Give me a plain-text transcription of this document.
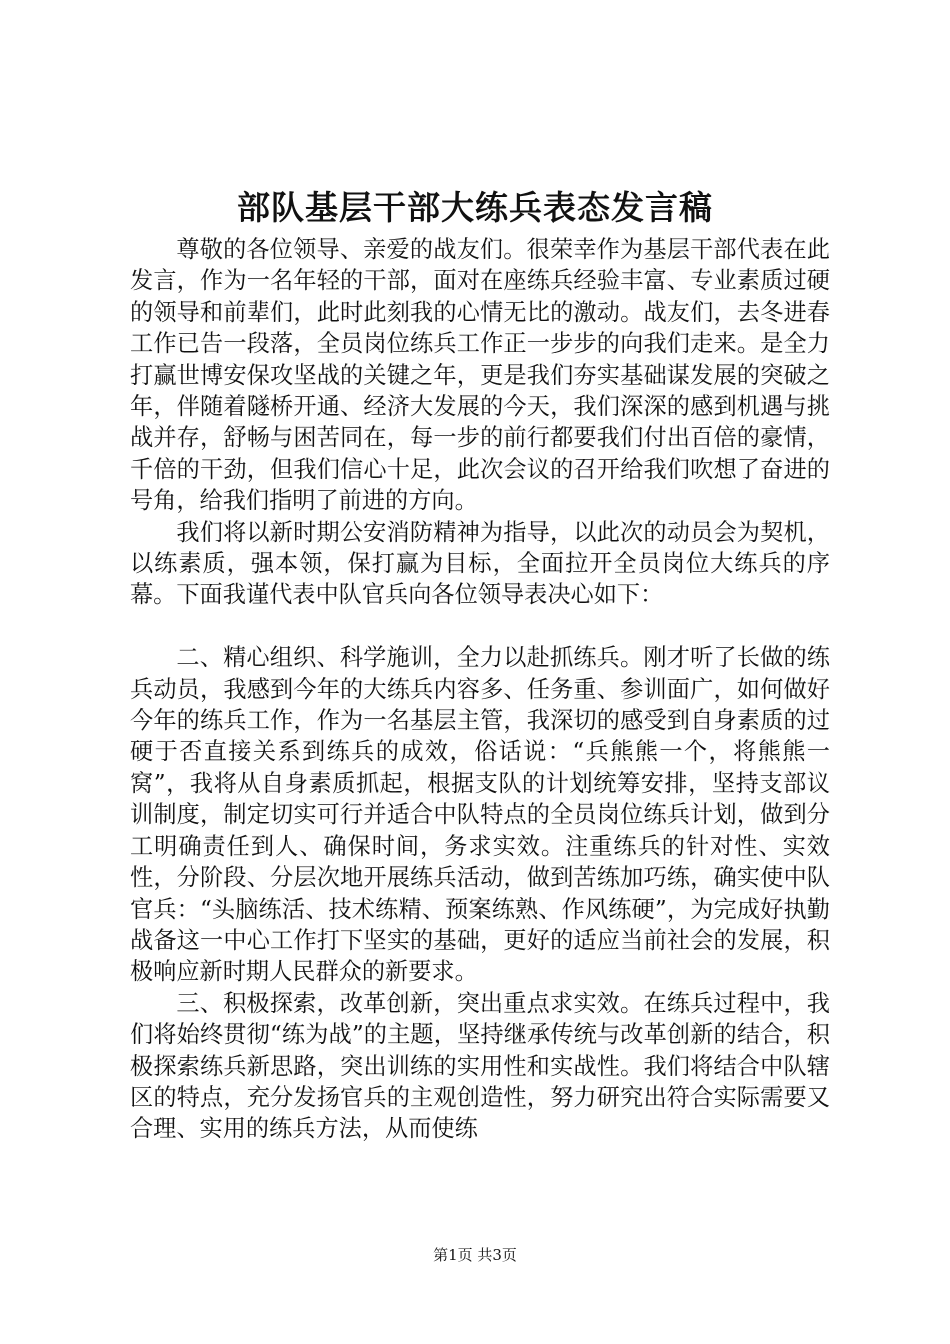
部队基层干部大练兵表态发言稿

尊敬的各位领导、亲爱的战友们。很荣幸作为基层干部代表在此发言，作为一名年轻的干部，面对在座练兵经验丰富、专业素质过硬的领导和前辈们，此时此刻我的心情无比的激动。战友们，去冬进春工作已告一段落，全员岗位练兵工作正一步步的向我们走来。是全力打赢世博安保攻坚战的关键之年，更是我们夯实基础谋发展的突破之年，伴随着隧桥开通、经济大发展的今天，我们深深的感到机遇与挑战并存，舒畅与困苦同在，每一步的前行都要我们付出百倍的豪情，千倍的干劲，但我们信心十足，此次会议的召开给我们吹想了奋进的号角，给我们指明了前进的方向。

我们将以新时期公安消防精神为指导，以此次的动员会为契机，以练素质，强本领，保打赢为目标，全面拉开全员岗位大练兵的序幕。下面我谨代表中队官兵向各位领导表决心如下：

二、精心组织、科学施训，全力以赴抓练兵。刚才听了长做的练兵动员，我感到今年的大练兵内容多、任务重、参训面广，如何做好今年的练兵工作，作为一名基层主管，我深切的感受到自身素质的过硬于否直接关系到练兵的成效，俗话说：“兵熊熊一个，将熊熊一窝”，我将从自身素质抓起，根据支队的计划统筹安排，坚持支部议训制度，制定切实可行并适合中队特点的全员岗位练兵计划，做到分工明确责任到人、确保时间，务求实效。注重练兵的针对性、实效性，分阶段、分层次地开展练兵活动，做到苦练加巧练，确实使中队官兵：“头脑练活、技术练精、预案练熟、作风练硬”，为完成好执勤战备这一中心工作打下坚实的基础，更好的适应当前社会的发展，积极响应新时期人民群众的新要求。

三、积极探索，改革创新，突出重点求实效。在练兵过程中，我们将始终贯彻“练为战”的主题，坚持继承传统与改革创新的结合，积极探索练兵新思路，突出训练的实用性和实战性。我们将结合中队辖区的特点，充分发扬官兵的主观创造性，努力研究出符合实际需要又合理、实用的练兵方法，从而使练

第1页 共3页
